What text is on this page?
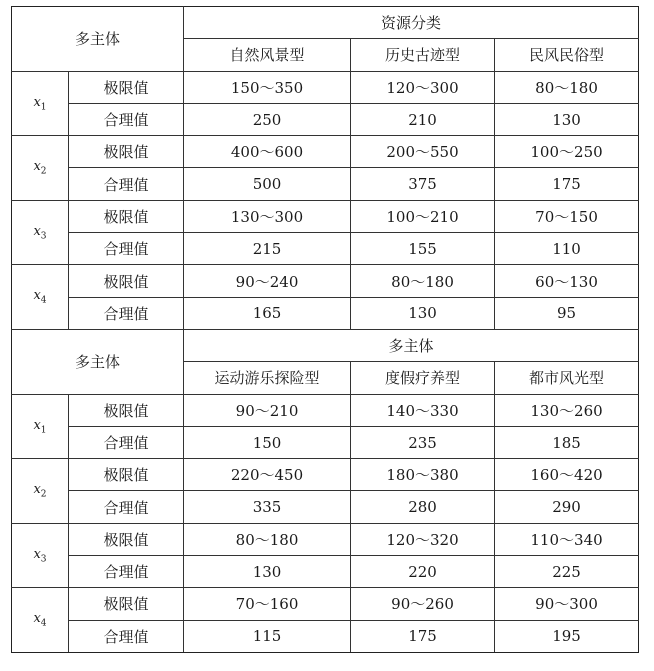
多主体		资源分类		
		自然风景型	历史古迹型	民风民俗型
$x_1$	极限值	150～350	120～300	80～180
	合理值	250	210	130
$x_2$	极限值	400～600	200～550	100～250
	合理值	500	375	175
$x_3$	极限值	130～300	100～210	70～150
	合理值	215	155	110
$x_4$	极限值	90～240	80～180	60～130
	合理值	165	130	95
多主体		多主体		
		运动游乐探险型	度假疗养型	都市风光型
$x_1$	极限值	90～210	140～330	130～260
	合理值	150	235	185
$x_2$	极限值	220～450	180～380	160～420
	合理值	335	280	290
$x_3$	极限值	80～180	120～320	110～340
	合理值	130	220	225
$x_4$	极限值	70～160	90～260	90～300
	合理值	115	175	195
